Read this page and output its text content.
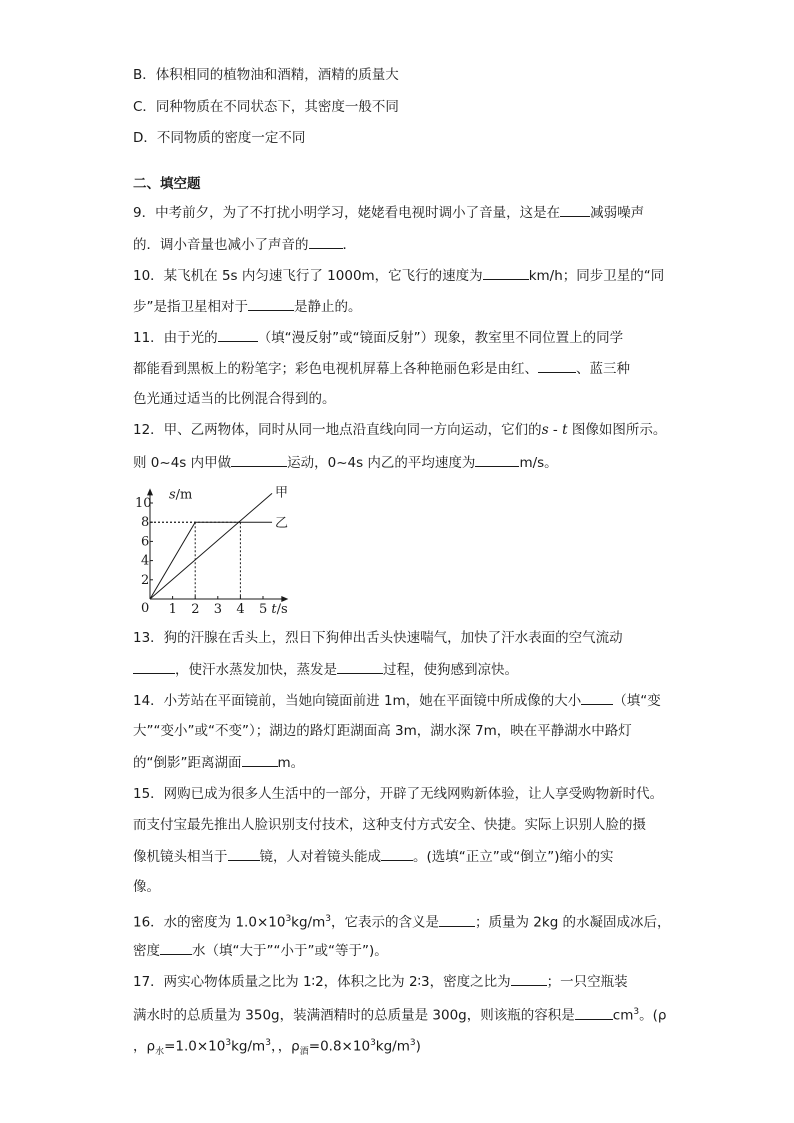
B．体积相同的植物油和酒精，酒精的质量大
C．同种物质在不同状态下，其密度一般不同
D．不同物质的密度一定不同
二、填空题
9．中考前夕，为了不打扰小明学习，姥姥看电视时调小了音量，这是在 减弱噪声
的．调小音量也减小了声音的	．
10．某飞机在 5s 内匀速飞行了 1000m，它飞行的速度为	km/h；同步卫星的“同
步”是指卫星相对于	是静止的。
11．由于光的	（填“漫反射”或“镜面反射”）现象，教室里不同位置上的同学
都能看到黑板上的粉笔字；彩色电视机屏幕上各种艳丽色彩是由红、	、蓝三种
色光通过适当的比例混合得到的。
12．甲、乙两物体，同时从同一地点沿直线向同一方向运动，它们的s - t 图像如图所示。
则 0~4s 内甲做	运动，0~4s 内乙的平均速度为	m/s。
0 1 2 3 4 5
2
4
6
8
10
s/m
t/s
甲
乙
13．狗的汗腺在舌头上，烈日下狗伸出舌头快速喘气，加快了汗水表面的空气流动
，使汗水蒸发加快，蒸发是	过程，使狗感到凉快。
14．小芳站在平面镜前，当她向镜面前进 1m，她在平面镜中所成像的大小 （填“变
大”“变小”或“不变”）；湖边的路灯距湖面高 3m，湖水深 7m，映在平静湖水中路灯
的“倒影”距离湖面	m。
15．网购已成为很多人生活中的一部分，开辟了无线网购新体验，让人享受购物新时代。
而支付宝最先推出人脸识别支付技术，这种支付方式安全、快捷。实际上识别人脸的摄
像机镜头相当于 镜，人对着镜头能成 。(选填“正立”或“倒立”)缩小的实
像。
16．水的密度为 $1.0\times 10^3kg/m^3$，它表示的含义是	；质量为 2kg 的水凝固成冰后，
密度 水（填“大于”“小于”或“等于”)。
17．两实心物体质量之比为 1∶2，体积之比为 2∶3，密度之比为	；一只空瓶装
满水时的总质量为 350g，装满酒精时的总质量是 300g，则该瓶的容积是	$cm^3$。(ρ
，$\rho_水=1.0\times 10^3kg/m^3$，，$\rho_酒=0.8\times 10^3kg/m^3$)
